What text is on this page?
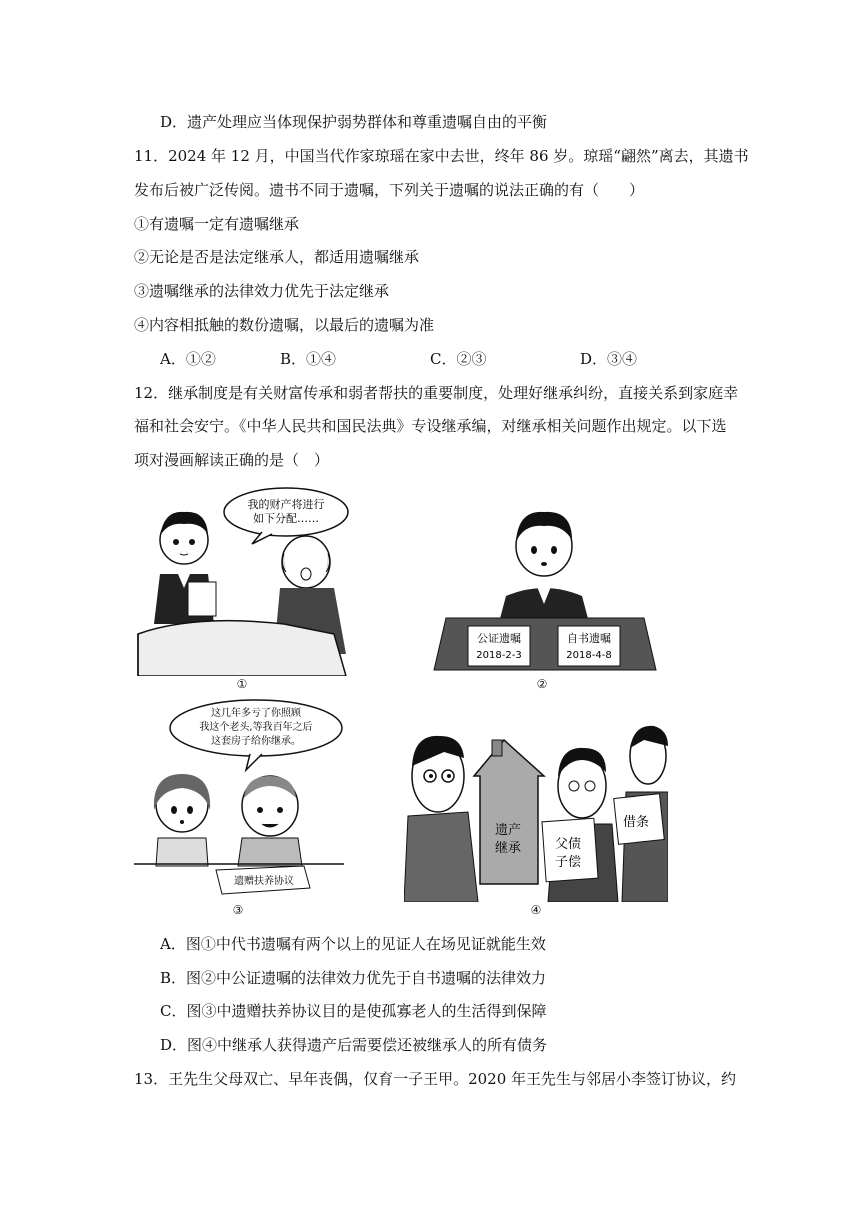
D．遗产处理应当体现保护弱势群体和尊重遗嘱自由的平衡
11．2024 年 12 月，中国当代作家琼瑶在家中去世，终年 86 岁。琼瑶“翩然”离去，其遗书
发布后被广泛传阅。遗书不同于遗嘱，下列关于遗嘱的说法正确的有（　　）
①有遗嘱一定有遗嘱继承
②无论是否是法定继承人，都适用遗嘱继承
③遗嘱继承的法律效力优先于法定继承
④内容相抵触的数份遗嘱，以最后的遗嘱为准
A．①②	B．①④	C．②③	D．③④
12．继承制度是有关财富传承和弱者帮扶的重要制度，处理好继承纠纷，直接关系到家庭幸
福和社会安宁。《中华人民共和国民法典》专设继承编，对继承相关问题作出规定。以下选
项对漫画解读正确的是（　）
我的财产将进行
如下分配……
①
公证遗嘱
2018-2-3
自书遗嘱
2018-4-8
②
这几年多亏了你照顾
我这个老头,等我百年之后
这套房子给你继承。
遗赠扶养协议
③
遗产
继承	父债
子偿
借条
④
A．图①中代书遗嘱有两个以上的见证人在场见证就能生效
B．图②中公证遗嘱的法律效力优先于自书遗嘱的法律效力
C．图③中遗赠扶养协议目的是使孤寡老人的生活得到保障
D．图④中继承人获得遗产后需要偿还被继承人的所有债务
13．王先生父母双亡、早年丧偶，仅育一子王甲。2020 年王先生与邻居小李签订协议，约
